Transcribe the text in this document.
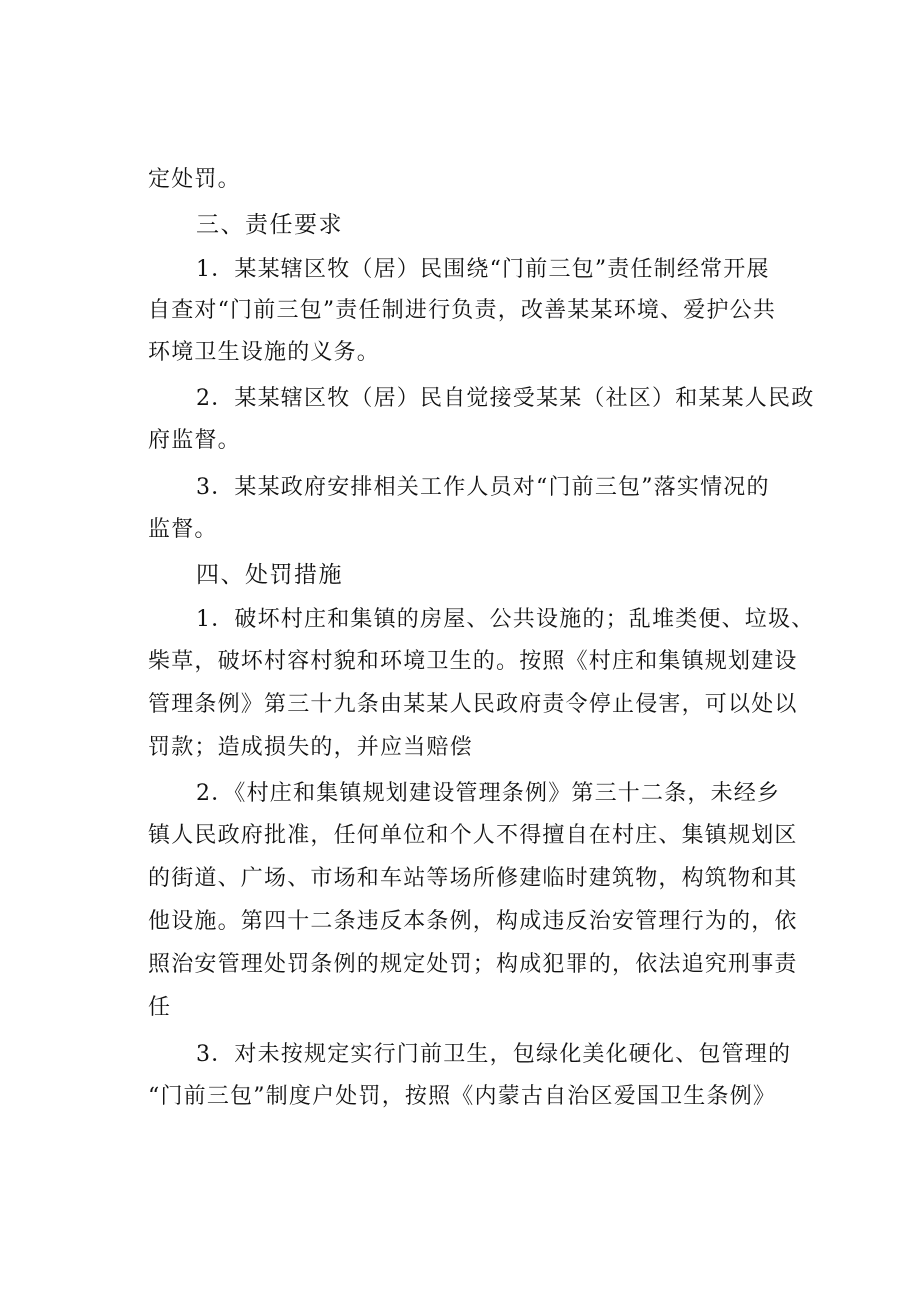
定处罚。
三、责任要求
1．某某辖区牧（居）民围绕“门前三包”责任制经常开展
自查对“门前三包”责任制进行负责，改善某某环境、爱护公共
环境卫生设施的义务。
2．某某辖区牧（居）民自觉接受某某（社区）和某某人民政
府监督。
3．某某政府安排相关工作人员对“门前三包”落实情况的
监督。
四、处罚措施
1．破坏村庄和集镇的房屋、公共设施的；乱堆类便、垃圾、
柴草，破坏村容村貌和环境卫生的。按照《村庄和集镇规划建设
管理条例》第三十九条由某某人民政府责令停止侵害，可以处以
罚款；造成损失的，并应当赔偿
2．《村庄和集镇规划建设管理条例》第三十二条，未经乡
镇人民政府批准，任何单位和个人不得擅自在村庄、集镇规划区
的街道、广场、市场和车站等场所修建临时建筑物，构筑物和其
他设施。第四十二条违反本条例，构成违反治安管理行为的，依
照治安管理处罚条例的规定处罚；构成犯罪的，依法追究刑事责
任
3．对未按规定实行门前卫生，包绿化美化硬化、包管理的
“门前三包”制度户处罚，按照《内蒙古自治区爱国卫生条例》
